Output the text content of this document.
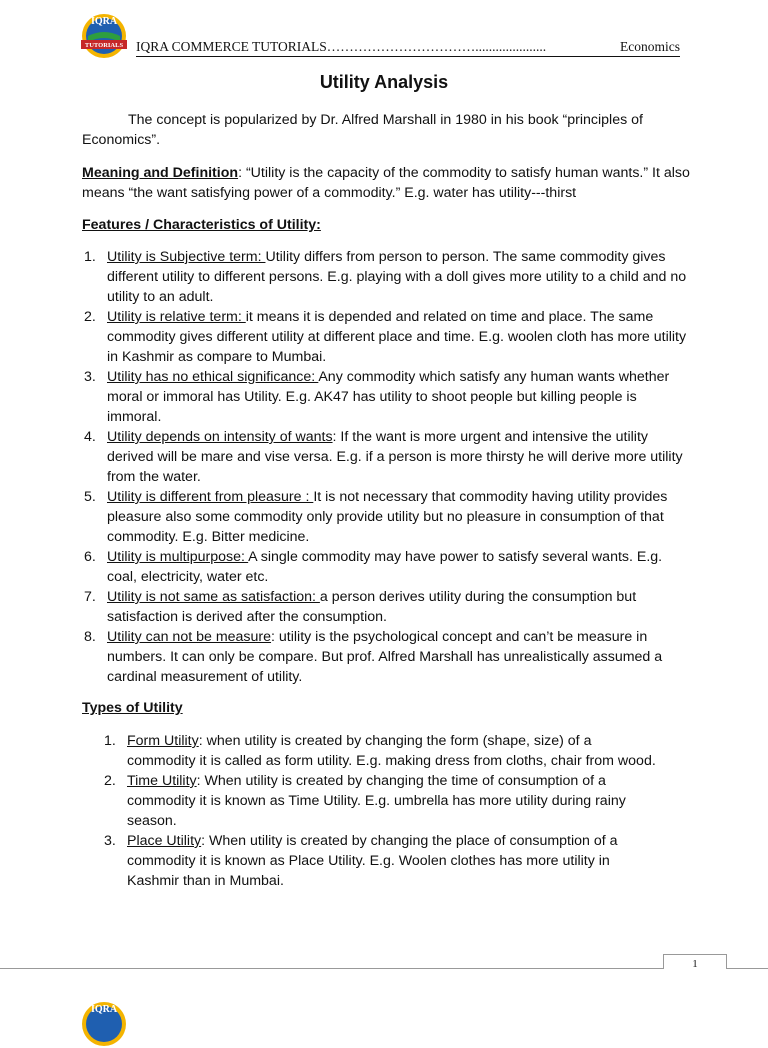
IQRA
TUTORIALS IQRA COMMERCE TUTORIALS…………………………….....................	Economics
Utility Analysis

The concept is popularized by Dr. Alfred Marshall in 1980 in his book “principles of Economics”.

Meaning and Definition: “Utility is the capacity of the commodity to satisfy human wants.” It also means “the want satisfying power of a commodity.” E.g. water has utility---thirst

Features / Characteristics of Utility:

1. Utility is Subjective term: Utility differs from person to person. The same commodity gives different utility to different persons. E.g. playing with a doll gives more utility to a child and no utility to an adult.
2. Utility is relative term: it means it is depended and related on time and place. The same commodity gives different utility at different place and time. E.g. woolen cloth has more utility in Kashmir as compare to Mumbai.
3. Utility has no ethical significance: Any commodity which satisfy any human wants whether moral or immoral has Utility. E.g. AK47 has utility to shoot people but killing people is immoral.
4. Utility depends on intensity of wants: If the want is more urgent and intensive the utility derived will be mare and vise versa. E.g. if a person is more thirsty he will derive more utility from the water.
5. Utility is different from pleasure : It is not necessary that commodity having utility provides pleasure also some commodity only provide utility but no pleasure in consumption of that commodity. E.g. Bitter medicine.
6. Utility is multipurpose: A single commodity may have power to satisfy several wants. E.g. coal, electricity, water etc.
7. Utility is not same as satisfaction: a person derives utility during the consumption but satisfaction is derived after the consumption.
8. Utility can not be measure: utility is the psychological concept and can’t be measure in numbers. It can only be compare. But prof. Alfred Marshall has unrealistically assumed a cardinal measurement of utility.

Types of Utility

1. Form Utility: when utility is created by changing the form (shape, size) of a commodity it is called as form utility. E.g. making dress from cloths, chair from wood.
2. Time Utility: When utility is created by changing the time of consumption of a commodity it is known as Time Utility. E.g. umbrella has more utility during rainy season.
3. Place Utility: When utility is created by changing the place of consumption of a commodity it is known as Place Utility. E.g. Woolen clothes has more utility in Kashmir than in Mumbai.
1
IQRA
